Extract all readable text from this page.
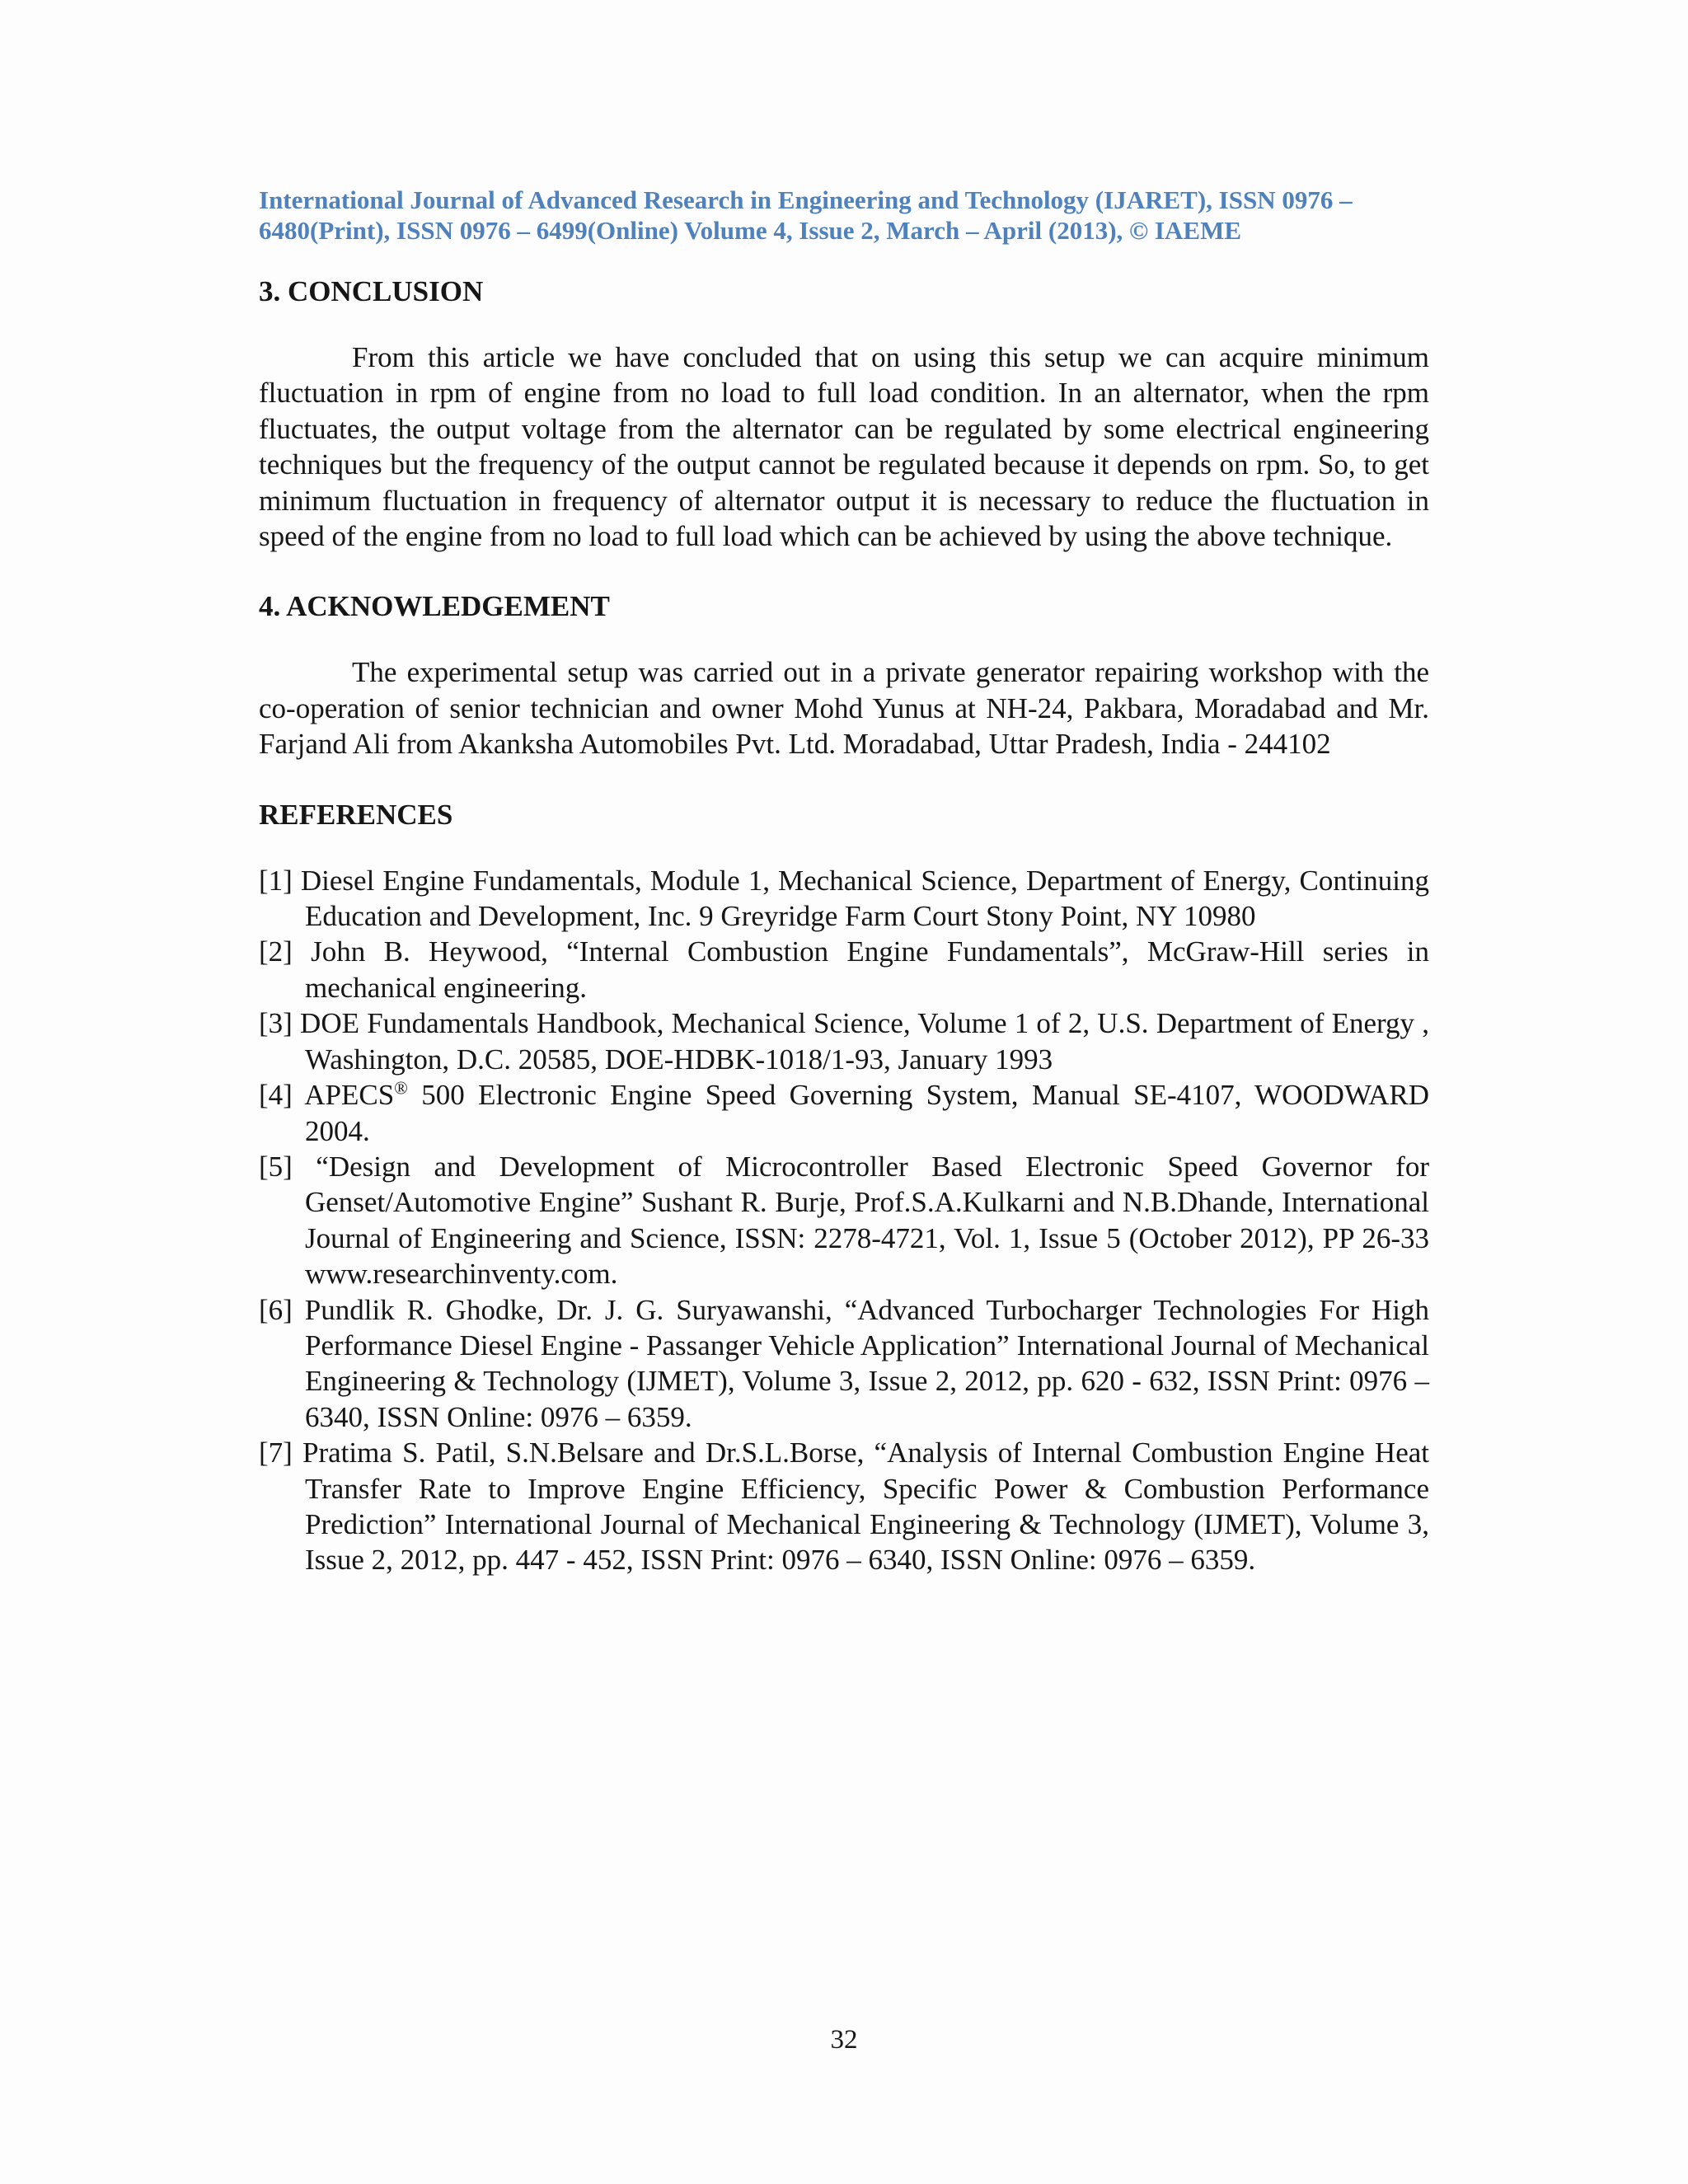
International Journal of Advanced Research in Engineering and Technology (IJARET), ISSN 0976 – 6480(Print), ISSN 0976 – 6499(Online) Volume 4, Issue 2, March – April (2013), © IAEME
3. CONCLUSION

From this article we have concluded that on using this setup we can acquire minimum fluctuation in rpm of engine from no load to full load condition. In an alternator, when the rpm fluctuates, the output voltage from the alternator can be regulated by some electrical engineering techniques but the frequency of the output cannot be regulated because it depends on rpm. So, to get minimum fluctuation in frequency of alternator output it is necessary to reduce the fluctuation in speed of the engine from no load to full load which can be achieved by using the above technique.

4. ACKNOWLEDGEMENT

The experimental setup was carried out in a private generator repairing workshop with the co-operation of senior technician and owner Mohd Yunus at NH-24, Pakbara, Moradabad and Mr. Farjand Ali from Akanksha Automobiles Pvt. Ltd. Moradabad, Uttar Pradesh, India - 244102

REFERENCES
[1] Diesel Engine Fundamentals, Module 1, Mechanical Science, Department of Energy, Continuing Education and Development, Inc. 9 Greyridge Farm Court Stony Point, NY 10980
[2] John B. Heywood, “Internal Combustion Engine Fundamentals”, McGraw-Hill series in mechanical engineering.
[3] DOE Fundamentals Handbook, Mechanical Science, Volume 1 of 2, U.S. Department of Energy , Washington, D.C. 20585, DOE-HDBK-1018/1-93, January 1993
[4] APECS® 500 Electronic Engine Speed Governing System, Manual SE-4107, WOODWARD 2004.
[5] “Design and Development of Microcontroller Based Electronic Speed Governor for Genset/Automotive Engine” Sushant R. Burje, Prof.S.A.Kulkarni and N.B.Dhande, International Journal of Engineering and Science, ISSN: 2278-4721, Vol. 1, Issue 5 (October 2012), PP 26-33 www.researchinventy.com.
[6] Pundlik R. Ghodke, Dr. J. G. Suryawanshi, “Advanced Turbocharger Technologies For High Performance Diesel Engine - Passanger Vehicle Application” International Journal of Mechanical Engineering & Technology (IJMET), Volume 3, Issue 2, 2012, pp. 620 - 632, ISSN Print: 0976 – 6340, ISSN Online: 0976 – 6359.
[7] Pratima S. Patil, S.N.Belsare and Dr.S.L.Borse, “Analysis of Internal Combustion Engine Heat Transfer Rate to Improve Engine Efficiency, Specific Power & Combustion Performance Prediction” International Journal of Mechanical Engineering & Technology (IJMET), Volume 3, Issue 2, 2012, pp. 447 - 452, ISSN Print: 0976 – 6340, ISSN Online: 0976 – 6359.
32
